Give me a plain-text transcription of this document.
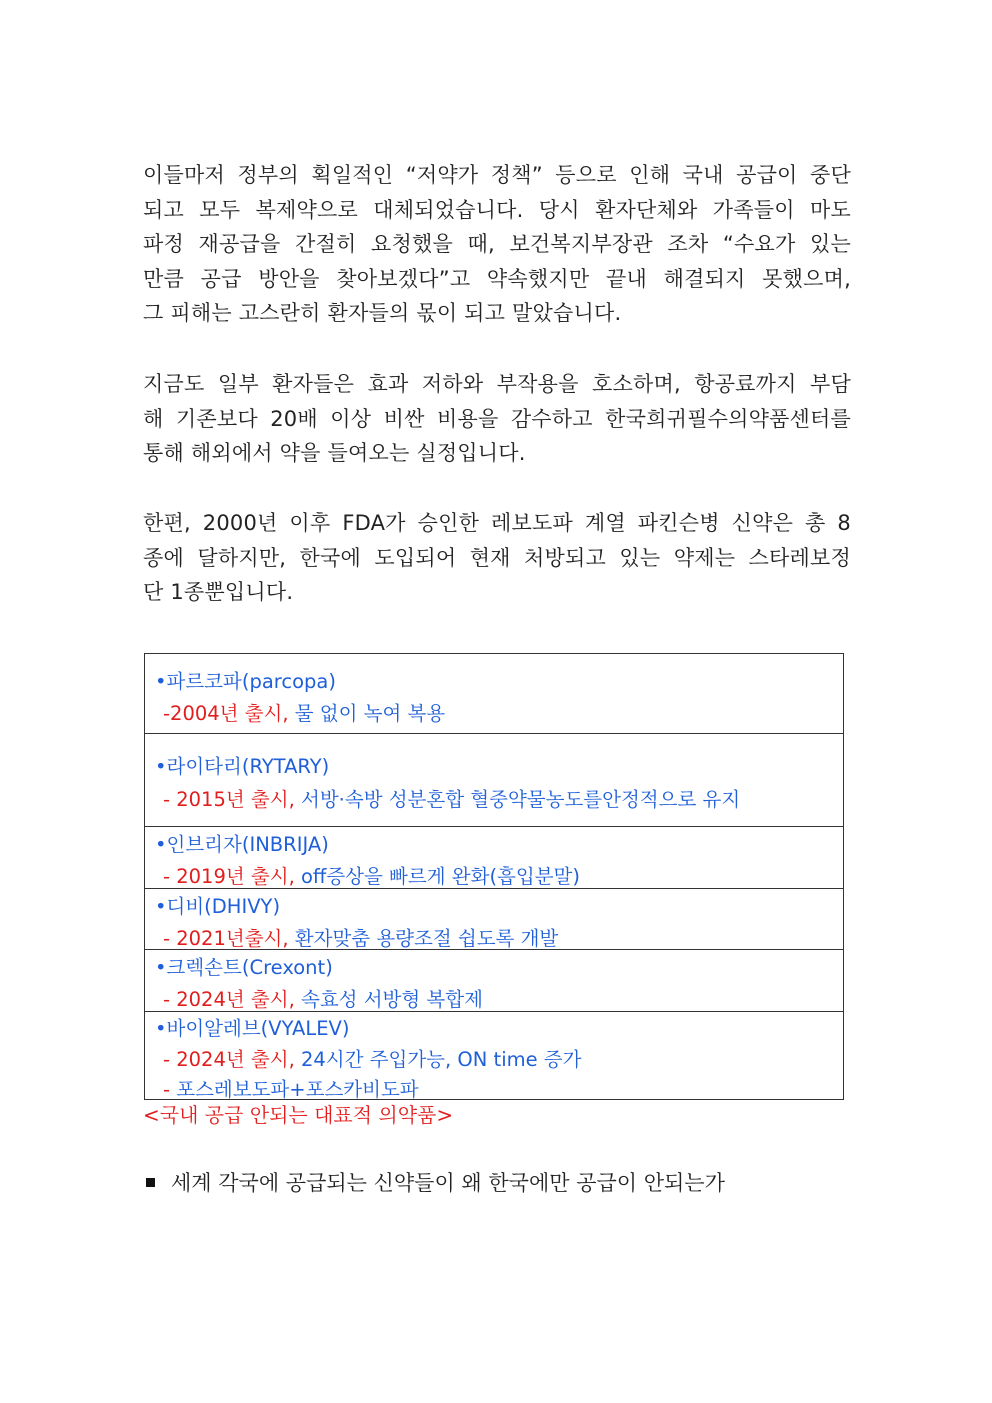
이들마저 정부의 획일적인 “저약가 정책” 등으로 인해 국내 공급이 중단
되고 모두 복제약으로 대체되었습니다. 당시 환자단체와 가족들이 마도
파정 재공급을 간절히 요청했을 때, 보건복지부장관 조차 “수요가 있는
만큼 공급 방안을 찾아보겠다”고 약속했지만 끝내 해결되지 못했으며,
그 피해는 고스란히 환자들의 몫이 되고 말았습니다.
지금도 일부 환자들은 효과 저하와 부작용을 호소하며, 항공료까지 부담
해 기존보다 20배 이상 비싼 비용을 감수하고 한국희귀필수의약품센터를
통해 해외에서 약을 들여오는 실정입니다.
한편, 2000년 이후 FDA가 승인한 레보도파 계열 파킨슨병 신약은 총 8
종에 달하지만, 한국에 도입되어 현재 처방되고 있는 약제는 스타레보정
단 1종뿐입니다.
•파르코파(parcopa)
-2004년 출시, 물 없이 녹여 복용
•라이타리(RYTARY)
- 2015년 출시, 서방·속방 성분혼합 혈중약물농도를안정적으로 유지
•인브리자(INBRIJA)
- 2019년 출시, off증상을 빠르게 완화(흡입분말)
•디비(DHIVY)
- 2021년출시, 환자맞춤 용량조절 쉽도록 개발
•크렉손트(Crexont)
- 2024년 출시, 속효성 서방형 복합제
•바이알레브(VYALEV)
- 2024년 출시, 24시간 주입가능, ON time 증가
- 포스레보도파+포스카비도파
<국내 공급 안되는 대표적 의약품>
세계 각국에 공급되는 신약들이 왜 한국에만 공급이 안되는가
